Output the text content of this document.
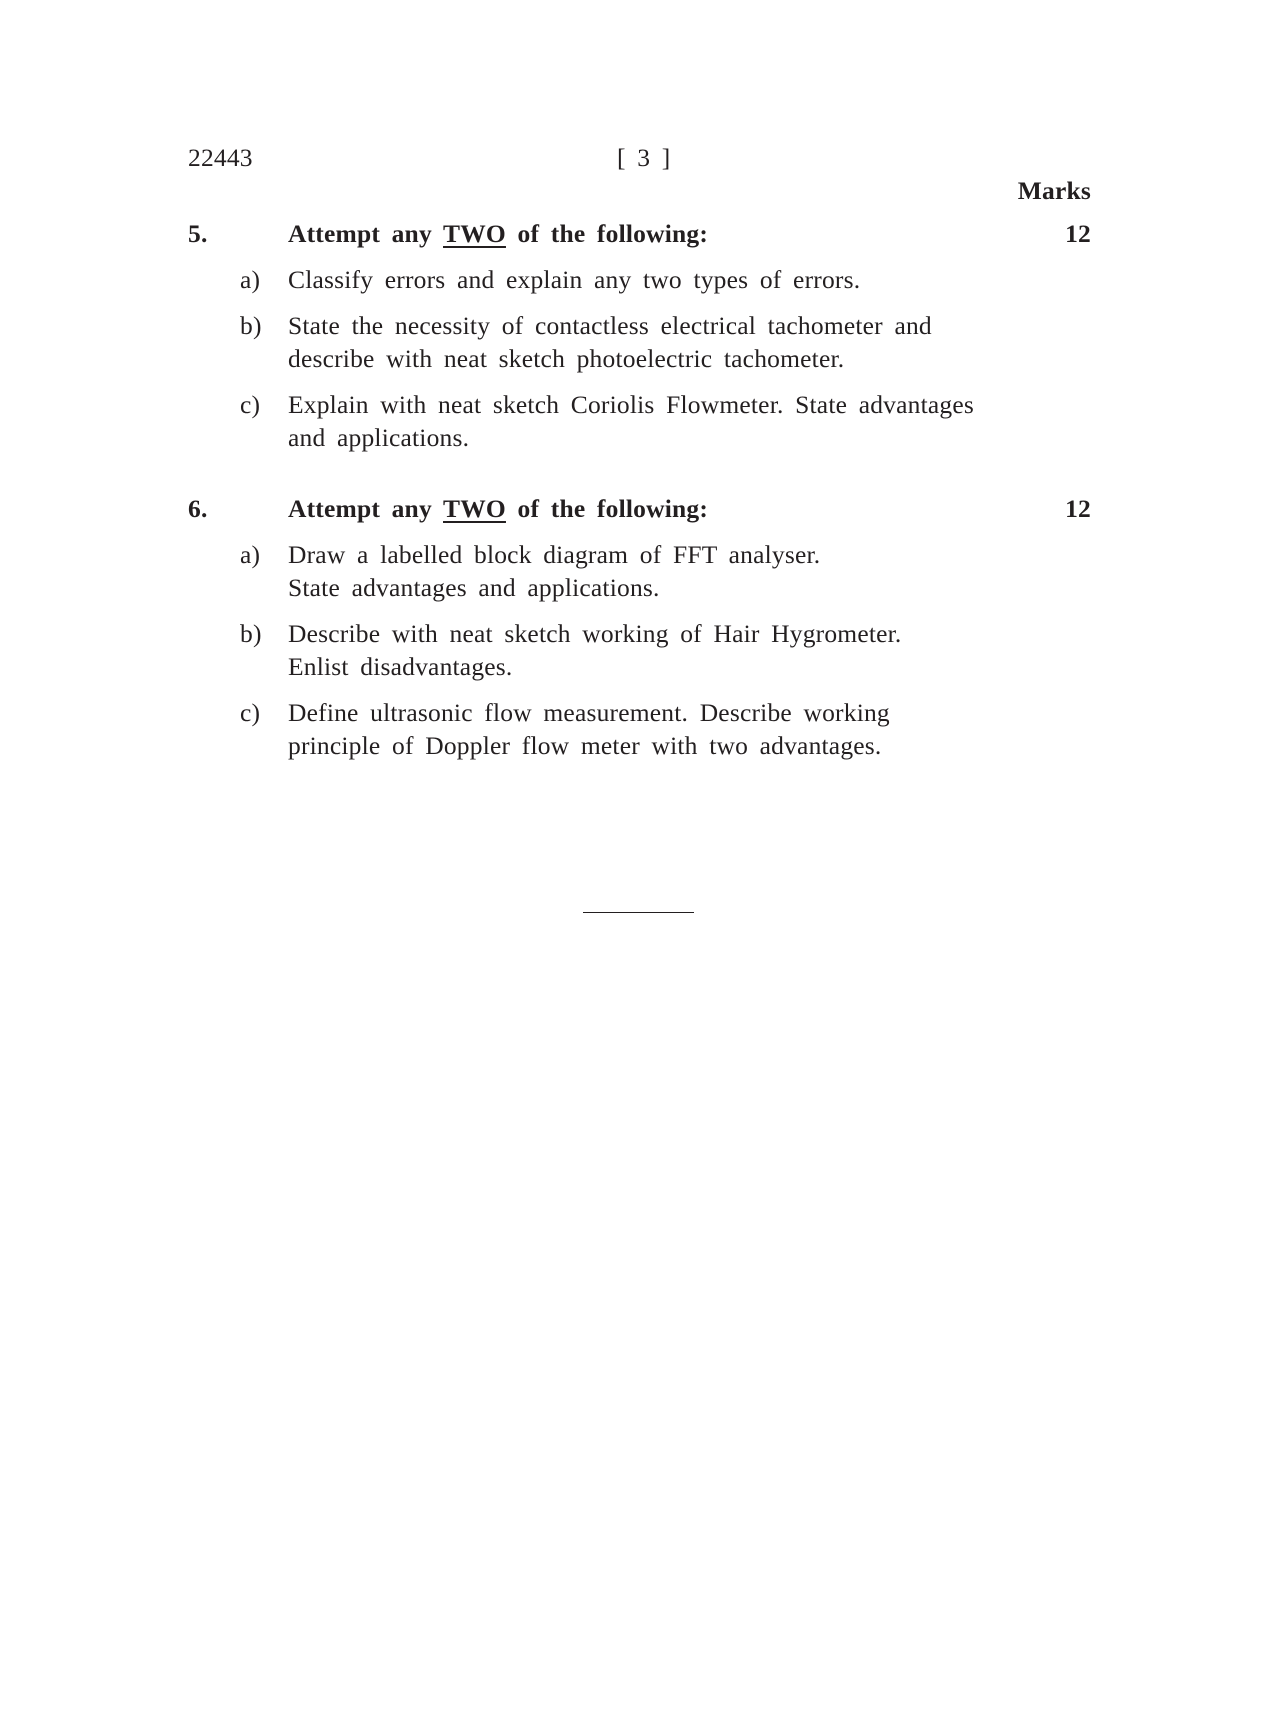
22443	[ 3 ]
Marks
5.	Attempt any TWO of the following:	12
a) Classify errors and explain any two types of errors.
b) State the necessity of contactless electrical tachometer and
describe with neat sketch photoelectric tachometer.
c) Explain with neat sketch Coriolis Flowmeter. State advantages
and applications.
6.	Attempt any TWO of the following:	12
a) Draw a labelled block diagram of FFT analyser.
State advantages and applications.
b) Describe with neat sketch working of Hair Hygrometer.
Enlist disadvantages.
c) Define ultrasonic flow measurement. Describe working
principle of Doppler flow meter with two advantages.
